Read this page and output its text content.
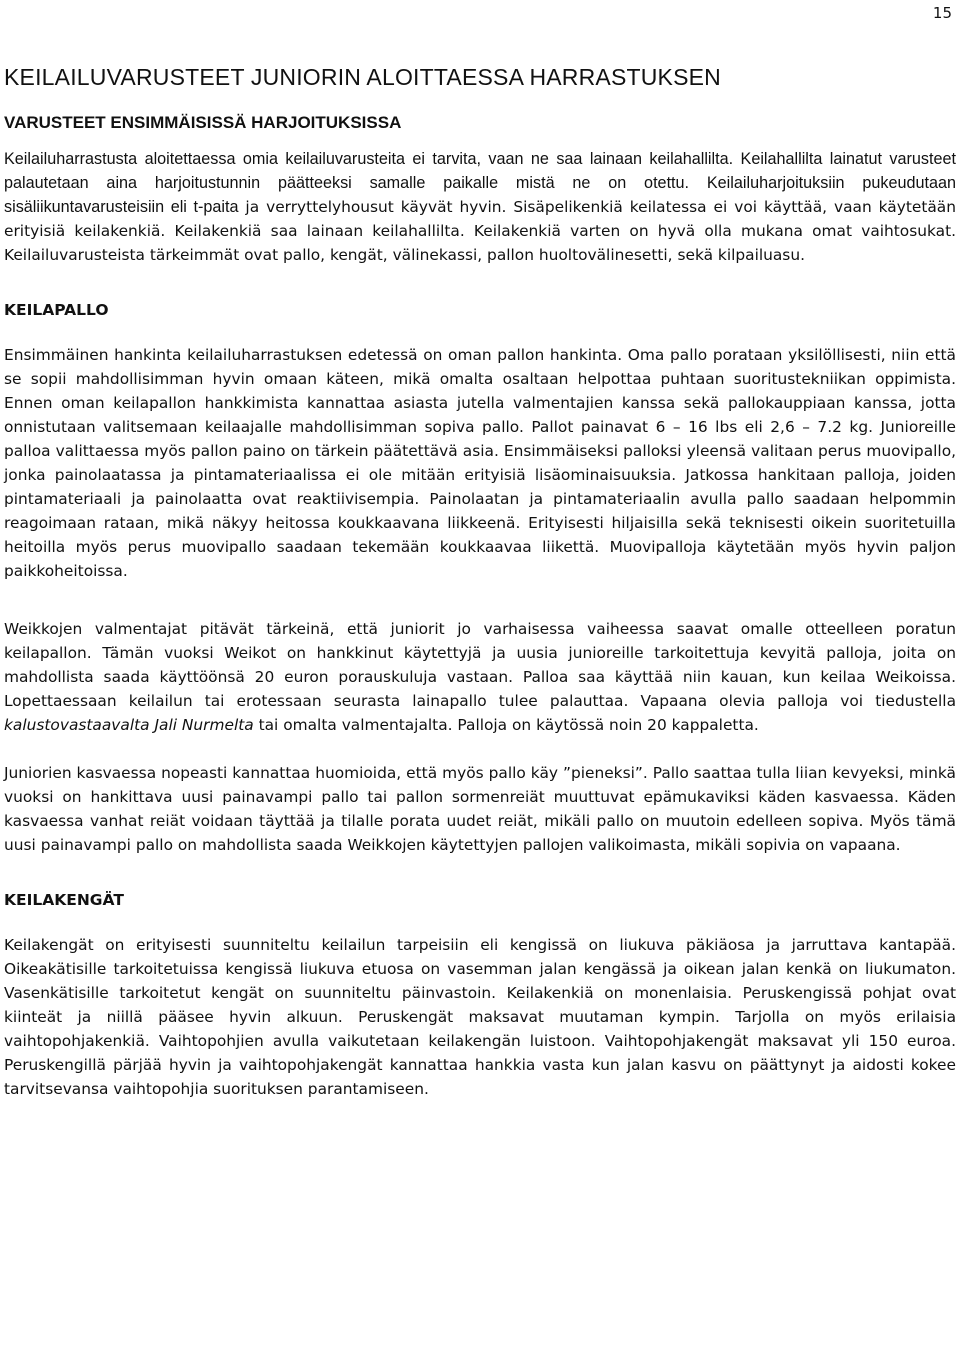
15
KEILAILUVARUSTEET JUNIORIN ALOITTAESSA HARRASTUKSEN
VARUSTEET ENSIMMÄISISSÄ HARJOITUKSISSA

Keilailuharrastusta aloitettaessa omia keilailuvarusteita ei tarvita, vaan ne saa lainaan keilahallilta. Keilahallilta lainatut varusteet palautetaan aina harjoitustunnin päätteeksi samalle paikalle mistä ne on otettu. Keilailuharjoituksiin pukeudutaan sisäliikuntavarusteisiin eli t-paita ja verryttelyhousut käyvät hyvin. Sisäpelikenkiä keilatessa ei voi käyttää, vaan käytetään erityisiä keilakenkiä. Keilakenkiä saa lainaan keilahallilta. Keilakenkiä varten on hyvä olla mukana omat vaihtosukat. Keilailuvarusteista tärkeimmät ovat pallo, kengät, välinekassi, pallon huoltovälinesetti, sekä kilpailuasu.

KEILAPALLO

Ensimmäinen hankinta keilailuharrastuksen edetessä on oman pallon hankinta. Oma pallo porataan yksilöllisesti, niin että se sopii mahdollisimman hyvin omaan käteen, mikä omalta osaltaan helpottaa puhtaan suoritustekniikan oppimista. Ennen oman keilapallon hankkimista kannattaa asiasta jutella valmentajien kanssa sekä pallokauppiaan kanssa, jotta onnistutaan valitsemaan keilaajalle mahdollisimman sopiva pallo. Pallot painavat 6 – 16 lbs eli 2,6 – 7.2 kg. Junioreille palloa valittaessa myös pallon paino on tärkein päätettävä asia. Ensimmäiseksi palloksi yleensä valitaan perus muovipallo, jonka painolaatassa ja pintamateriaalissa ei ole mitään erityisiä lisäominaisuuksia. Jatkossa hankitaan palloja, joiden pintamateriaali ja painolaatta ovat reaktiivisempia. Painolaatan ja pintamateriaalin avulla pallo saadaan helpommin reagoimaan rataan, mikä näkyy heitossa koukkaavana liikkeenä. Erityisesti hiljaisilla sekä teknisesti oikein suoritetuilla heitoilla myös perus muovipallo saadaan tekemään koukkaavaa liikettä. Muovipalloja käytetään myös hyvin paljon paikkoheitoissa.

Weikkojen valmentajat pitävät tärkeinä, että juniorit jo varhaisessa vaiheessa saavat omalle otteelleen poratun keilapallon. Tämän vuoksi Weikot on hankkinut käytettyjä ja uusia junioreille tarkoitettuja kevyitä palloja, joita on mahdollista saada käyttöönsä 20 euron porauskuluja vastaan. Palloa saa käyttää niin kauan, kun keilaa Weikoissa. Lopettaessaan keilailun tai erotessaan seurasta lainapallo tulee palauttaa. Vapaana olevia palloja voi tiedustella kalustovastaavalta Jali Nurmelta tai omalta valmentajalta. Palloja on käytössä noin 20 kappaletta.

Juniorien kasvaessa nopeasti kannattaa huomioida, että myös pallo käy ”pieneksi”. Pallo saattaa tulla liian kevyeksi, minkä vuoksi on hankittava uusi painavampi pallo tai pallon sormenreiät muuttuvat epämukaviksi käden kasvaessa. Käden kasvaessa vanhat reiät voidaan täyttää ja tilalle porata uudet reiät, mikäli pallo on muutoin edelleen sopiva. Myös tämä uusi painavampi pallo on mahdollista saada Weikkojen käytettyjen pallojen valikoimasta, mikäli sopivia on vapaana.

KEILAKENGÄT

Keilakengät on erityisesti suunniteltu keilailun tarpeisiin eli kengissä on liukuva päkiäosa ja jarruttava kantapää. Oikeakätisille tarkoitetuissa kengissä liukuva etuosa on vasemman jalan kengässä ja oikean jalan kenkä on liukumaton. Vasenkätisille tarkoitetut kengät on suunniteltu päinvastoin. Keilakenkiä on monenlaisia. Peruskengissä pohjat ovat kiinteät ja niillä pääsee hyvin alkuun. Peruskengät maksavat muutaman kympin. Tarjolla on myös erilaisia vaihtopohjakenkiä. Vaihtopohjien avulla vaikutetaan keilakengän luistoon. Vaihtopohjakengät maksavat yli 150 euroa. Peruskengillä pärjää hyvin ja vaihtopohjakengät kannattaa hankkia vasta kun jalan kasvu on päättynyt ja aidosti kokee tarvitsevansa vaihtopohjia suorituksen parantamiseen.
